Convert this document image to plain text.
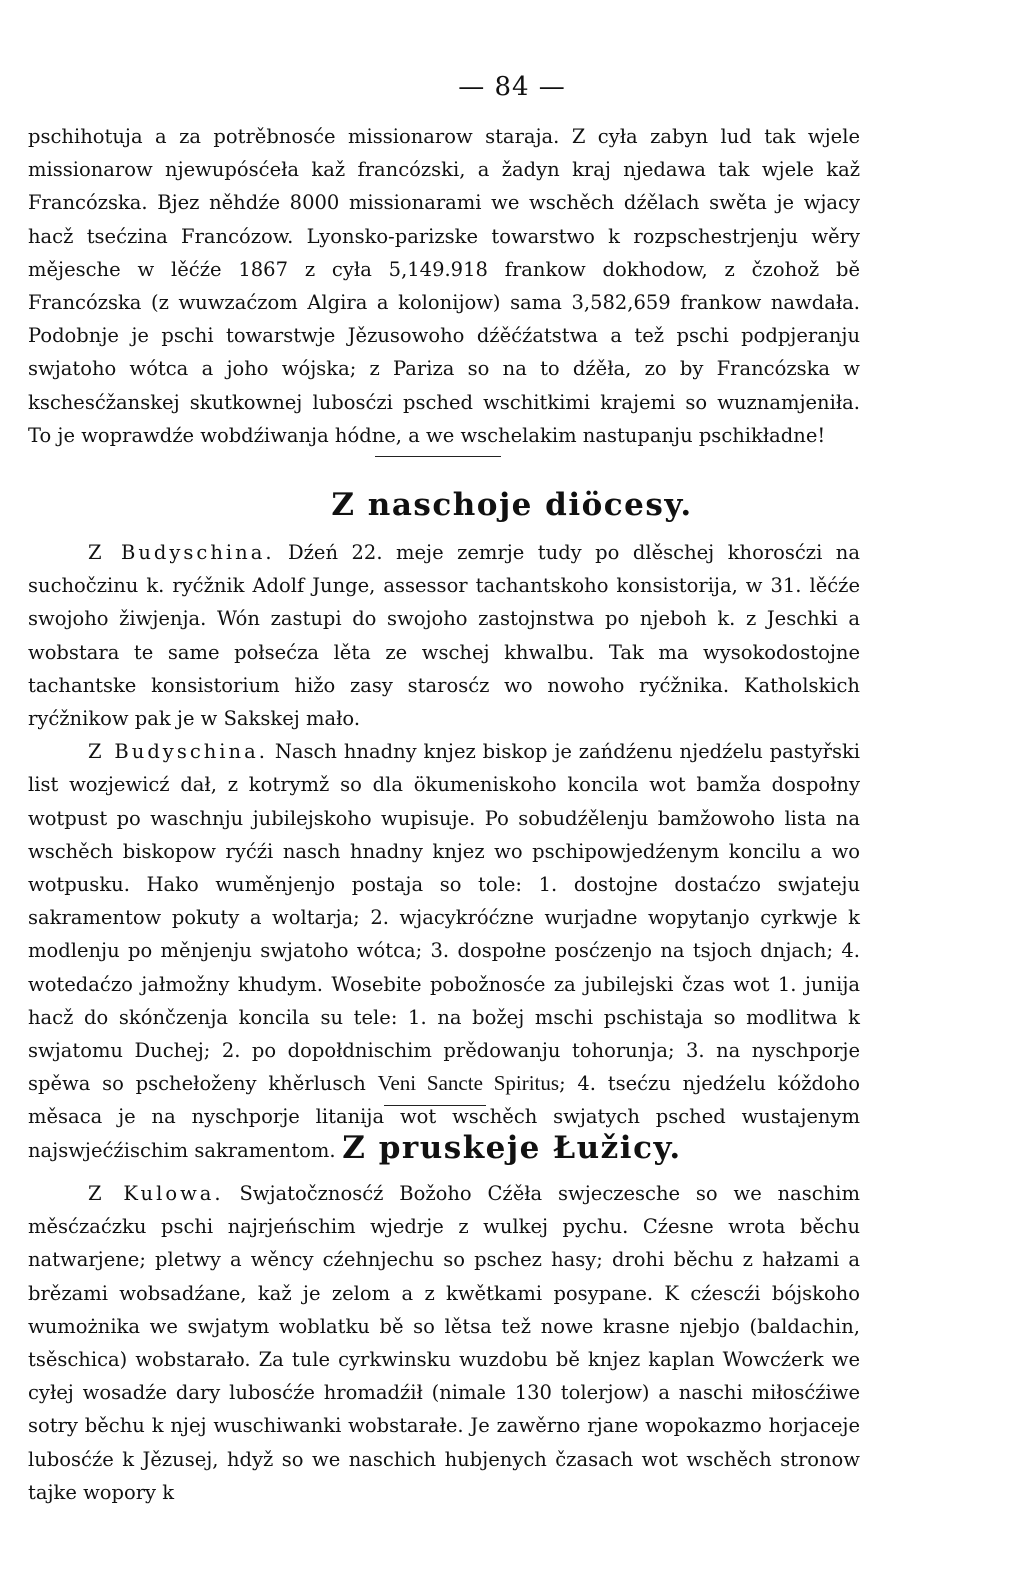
— 84 —

pschihotuja a za potrěbnosće missionarow staraja. Z cyła zabyn lud tak wjele missionarow njewupósćeła kaž francózski, a žadyn kraj njedawa tak wjele kaž Francózska. Bjez něhdźe 8000 missionarami we wschěch dźělach swěta je wjacy hacž tsećzina Francózow. Lyonsko-parizske towarstwo k rozpschestrjenju wěry mějesche w lěćźe 1867 z cyła 5,149.918 frankow dokhodow, z čzohož bě Francózska (z wuwzaćzom Algira a kolonijow) sama 3,582,659 frankow nawdała. Podobnje je pschi towarstwje Jězusowoho dźěćźatstwa a tež pschi podpjeranju swjatoho wótca a joho wójska; z Pariza so na to dźěła, zo by Francózska w kschesćžanskej skutkownej lubosćzi psched wschitkimi krajemi so wuznamjeniła. To je woprawdźe wobdźiwanja hódne, a we wschelakim nastupanju pschikładne!

Z naschoje diöcesy.

Z Budyschina. Dźeń 22. meje zemrje tudy po dlěschej khorosćzi na suchočzinu k. ryćžnik Adolf Junge, assessor tachantskoho konsistorija, w 31. lěćźe swojoho žiwjenja. Wón zastupi do swojoho zastojnstwa po njeboh k. z Jeschki a wobstara te same połsećza lěta ze wschej khwalbu. Tak ma wysokodostojne tachantske konsistorium hižo zasy starosćz wo nowoho ryćžnika. Katholskich ryćžnikow pak je w Sakskej mało.

Z Budyschina. Nasch hnadny knjez biskop je zańdźenu njedźelu pastyřski list wozjewicź dał, z kotrymž so dla ökumeniskoho koncila wot bamža dospołny wotpust po waschnju jubilejskoho wupisuje. Po sobudźělenju bamžowoho lista na wschěch biskopow ryćźi nasch hnadny knjez wo pschipowjedźenym koncilu a wo wotpusku. Hako wuměnjenjo postaja so tole: 1. dostojne dostaćzo swjateju sakramentow pokuty a woltarja; 2. wjacykróćzne wurjadne wopytanjo cyrkwje k modlenju po měnjenju swjatoho wótca; 3. dospołne posćzenjo na tsjoch dnjach; 4. wotedaćzo jałmožny khudym. Wosebite pobožnosće za jubilejski čzas wot 1. junija hacž do skónčzenja koncila su tele: 1. na božej mschi pschistaja so modlitwa k swjatomu Duchej; 2. po dopołdnischim prědowanju tohorunja; 3. na nyschporje spěwa so pschełoženy khěrlusch Veni Sancte Spiritus; 4. tsećzu njedźelu kóždoho měsaca je na nyschporje litanija wot wschěch swjatych psched wustajenym najswjećźischim sakramentom. Z pruskeje Łužicy.

Z Kulowa. Swjatočznosćź Božoho Cźěła swjeczesche so we naschim měsćzaćzku pschi najrjeńschim wjedrje z wulkej pychu. Cźesne wrota běchu natwarjene; pletwy a wěncy cźehnjechu so pschez hasy; drohi běchu z hałzami a brězami wobsadźane, kaž je zelom a z kwětkami posypane. K cźescźi bójskoho wumożnika we swjatym woblatku bě so lětsa tež nowe krasne njebjo (baldachin, tsěschica) wobstarało. Za tule cyrkwinsku wuzdobu bě knjez kaplan Wowcźerk we cyłej wosadźe dary lubosćźe hromadźił (nimale 130 tolerjow) a naschi miłosćźiwe sotry běchu k njej wuschiwanki wobstarałe. Je zawěrno rjane wopokazmo horjaceje lubosćźe k Jězusej, hdyž so we naschich hubjenych čzasach wot wschěch stronow tajke wopory k
